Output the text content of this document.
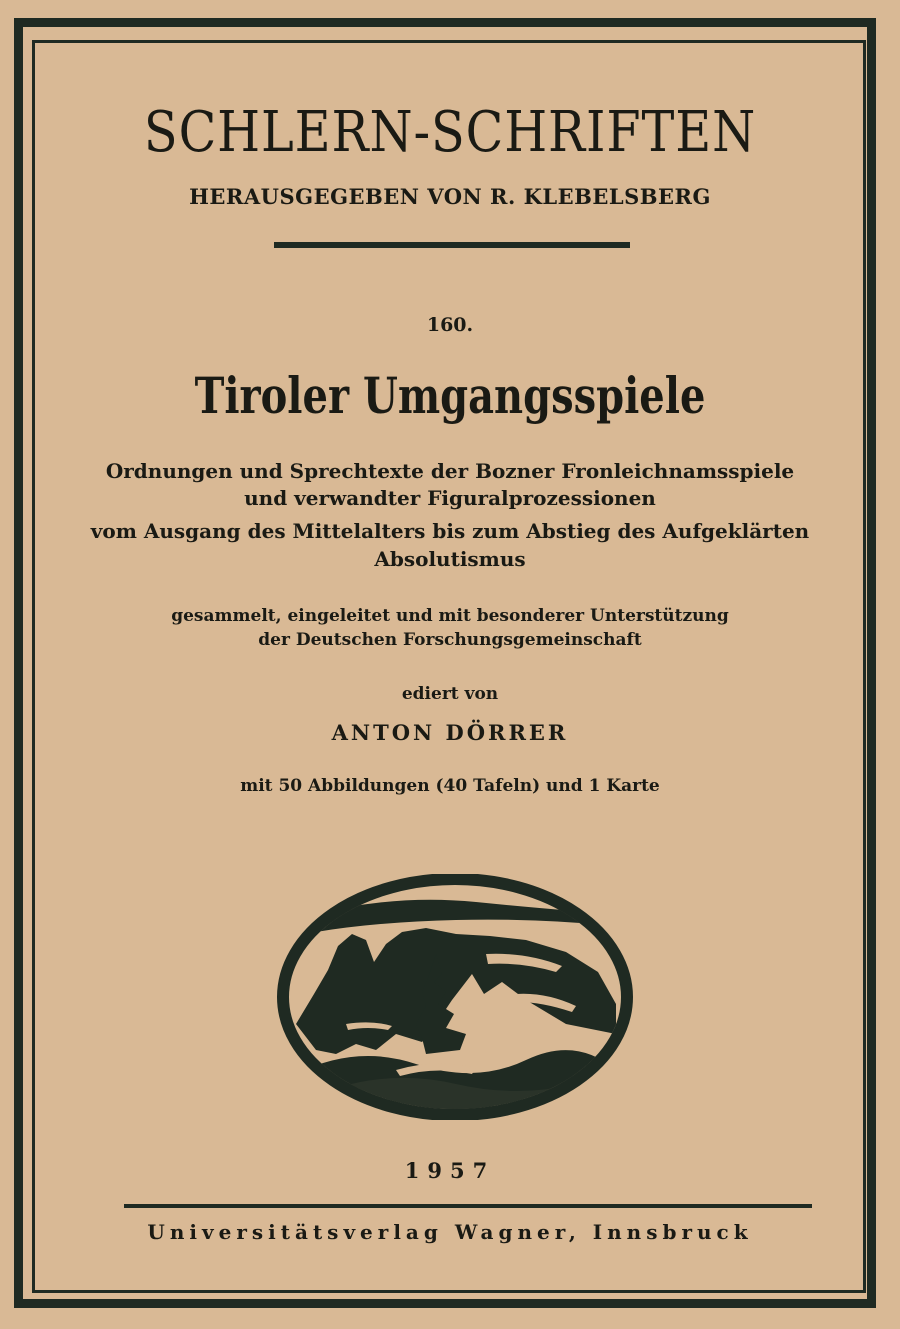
SCHLERN-SCHRIFTEN
HERAUSGEGEBEN VON R. KLEBELSBERG
160.
Tiroler Umgangsspiele
Ordnungen und Sprechtexte der Bozner Fronleichnamsspiele
und verwandter Figuralprozessionen
vom Ausgang des Mittelalters bis zum Abstieg des Aufgeklärten
Absolutismus
gesammelt, eingeleitet und mit besonderer Unterstützung
der Deutschen Forschungsgemeinschaft
ediert von
ANTON DÖRRER
mit 50 Abbildungen (40 Tafeln) und 1 Karte
1957
Universitätsverlag Wagner, Innsbruck
